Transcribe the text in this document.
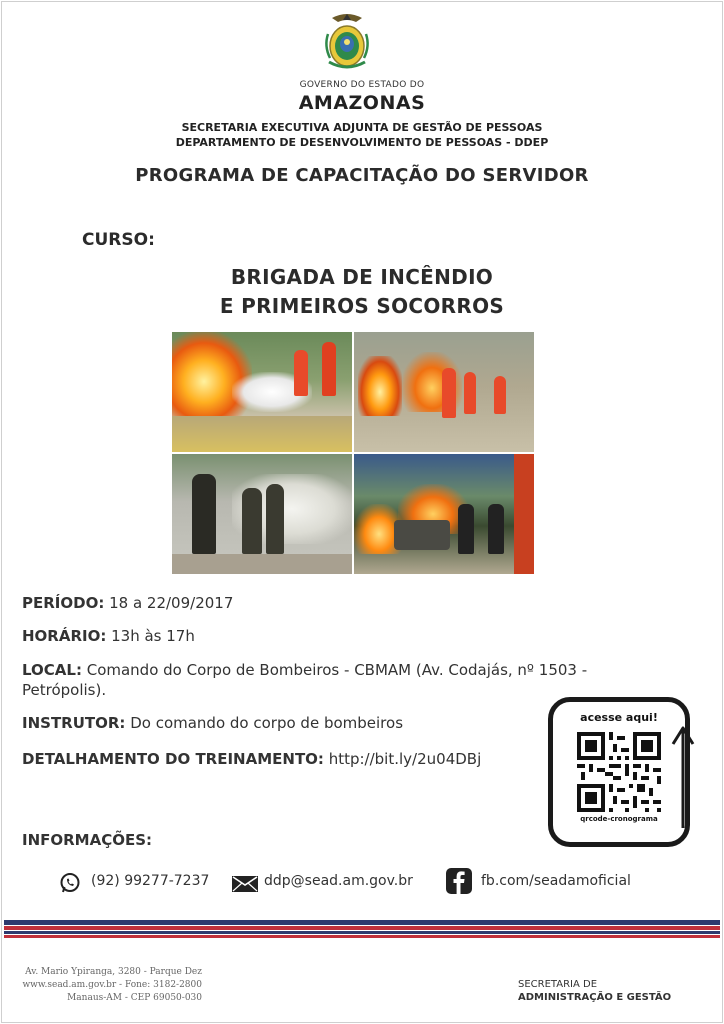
GOVERNO DO ESTADO DO
AMAZONAS
SECRETARIA EXECUTIVA ADJUNTA DE GESTÃO DE PESSOAS
DEPARTAMENTO DE DESENVOLVIMENTO DE PESSOAS - DDEP
PROGRAMA DE CAPACITAÇÃO DO SERVIDOR
CURSO:
BRIGADA DE INCÊNDIO
E PRIMEIROS SOCORROS
PERÍODO: 18 a 22/09/2017
HORÁRIO: 13h às 17h
LOCAL: Comando do Corpo de Bombeiros - CBMAM (Av. Codajás, nº 1503 -
Petrópolis).
INSTRUTOR: Do comando do corpo de bombeiros
DETALHAMENTO DO TREINAMENTO: http://bit.ly/2u04DBj
acesse aqui!
qrcode-cronograma
INFORMAÇÕES:
(92) 99277-7237	ddp@sead.am.gov.br	fb.com/seadamoficial
Av. Mario Ypiranga, 3280 - Parque Dez
www.sead.am.gov.br - Fone: 3182-2800
Manaus-AM - CEP 69050-030
SECRETARIA DE
ADMINISTRAÇÃO E GESTÃO
